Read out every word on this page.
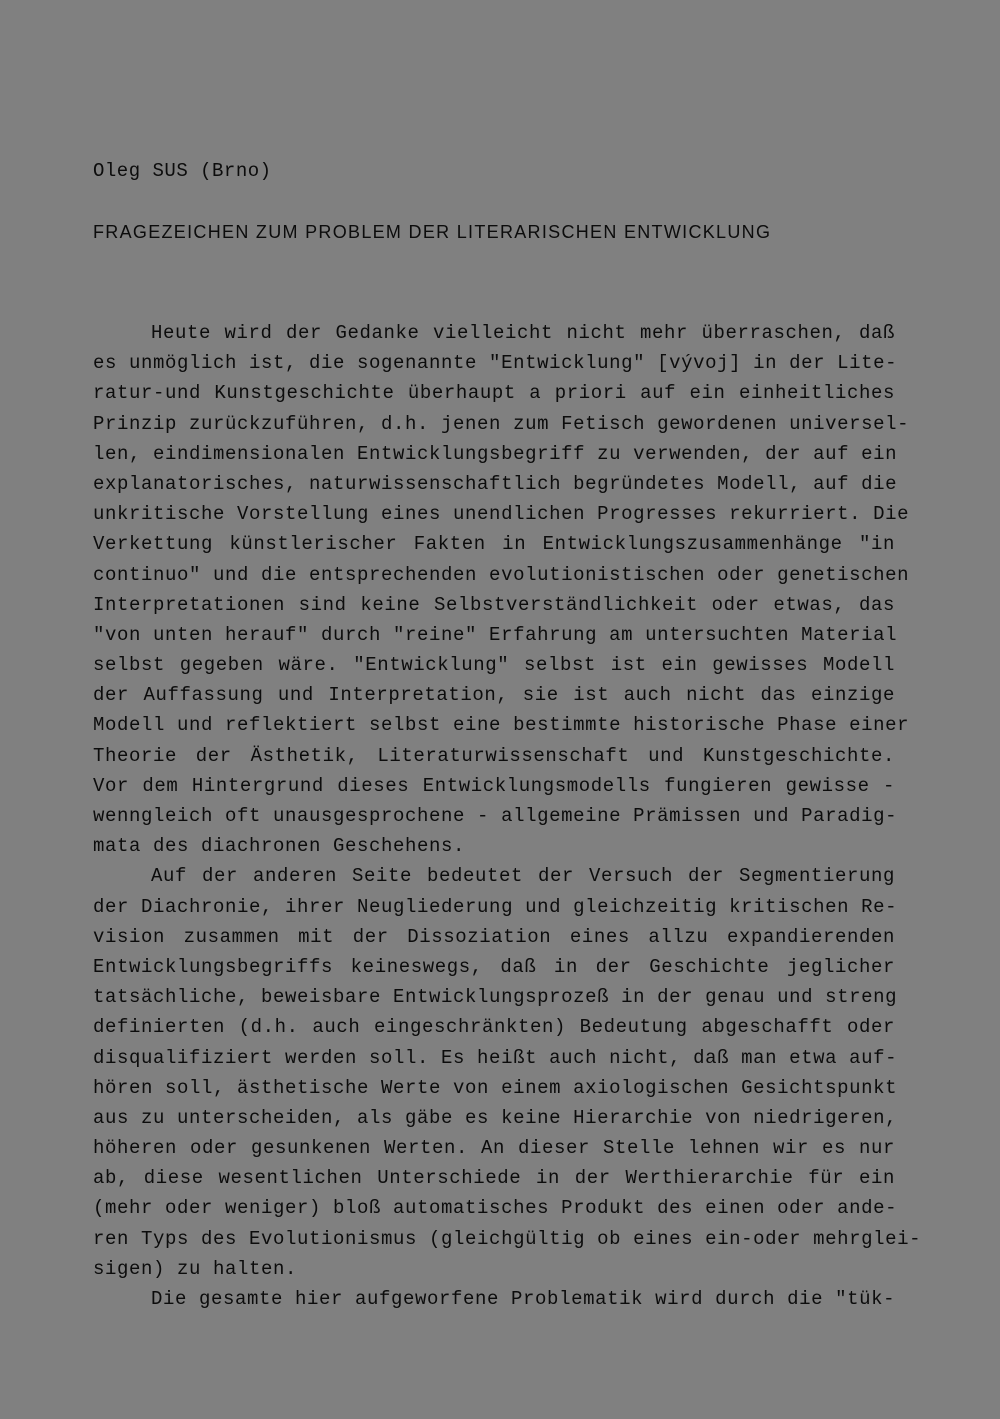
Oleg SUS (Brno)
FRAGEZEICHEN ZUM PROBLEM DER LITERARISCHEN ENTWICKLUNG
Heute wird der Gedanke vielleicht nicht mehr überraschen, daß
es unmöglich ist, die sogenannte "Entwicklung" [vývoj] in der Lite-
ratur-und Kunstgeschichte überhaupt a priori auf ein einheitliches
Prinzip zurückzuführen, d.h. jenen zum Fetisch gewordenen universel-
len, eindimensionalen Entwicklungsbegriff zu verwenden, der auf ein
explanatorisches, naturwissenschaftlich begründetes Modell, auf die
unkritische Vorstellung eines unendlichen Progresses rekurriert. Die
Verkettung künstlerischer Fakten in Entwicklungszusammenhänge "in
continuo" und die entsprechenden evolutionistischen oder genetischen
Interpretationen sind keine Selbstverständlichkeit oder etwas, das
"von unten herauf" durch "reine" Erfahrung am untersuchten Material
selbst gegeben wäre. "Entwicklung" selbst ist ein gewisses Modell
der Auffassung und Interpretation, sie ist auch nicht das einzige
Modell und reflektiert selbst eine bestimmte historische Phase einer
Theorie der Ästhetik, Literaturwissenschaft und Kunstgeschichte.
Vor dem Hintergrund dieses Entwicklungsmodells fungieren gewisse -
wenngleich oft unausgesprochene - allgemeine Prämissen und Paradig-
mata des diachronen Geschehens.
Auf der anderen Seite bedeutet der Versuch der Segmentierung
der Diachronie, ihrer Neugliederung und gleichzeitig kritischen Re-
vision zusammen mit der Dissoziation eines allzu expandierenden
Entwicklungsbegriffs keineswegs, daß in der Geschichte jeglicher
tatsächliche, beweisbare Entwicklungsprozeß in der genau und streng
definierten (d.h. auch eingeschränkten) Bedeutung abgeschafft oder
disqualifiziert werden soll. Es heißt auch nicht, daß man etwa auf-
hören soll, ästhetische Werte von einem axiologischen Gesichtspunkt
aus zu unterscheiden, als gäbe es keine Hierarchie von niedrigeren,
höheren oder gesunkenen Werten. An dieser Stelle lehnen wir es nur
ab, diese wesentlichen Unterschiede in der Werthierarchie für ein
(mehr oder weniger) bloß automatisches Produkt des einen oder ande-
ren Typs des Evolutionismus (gleichgültig ob eines ein-oder mehrglei-
sigen) zu halten.
Die gesamte hier aufgeworfene Problematik wird durch die "tük-
